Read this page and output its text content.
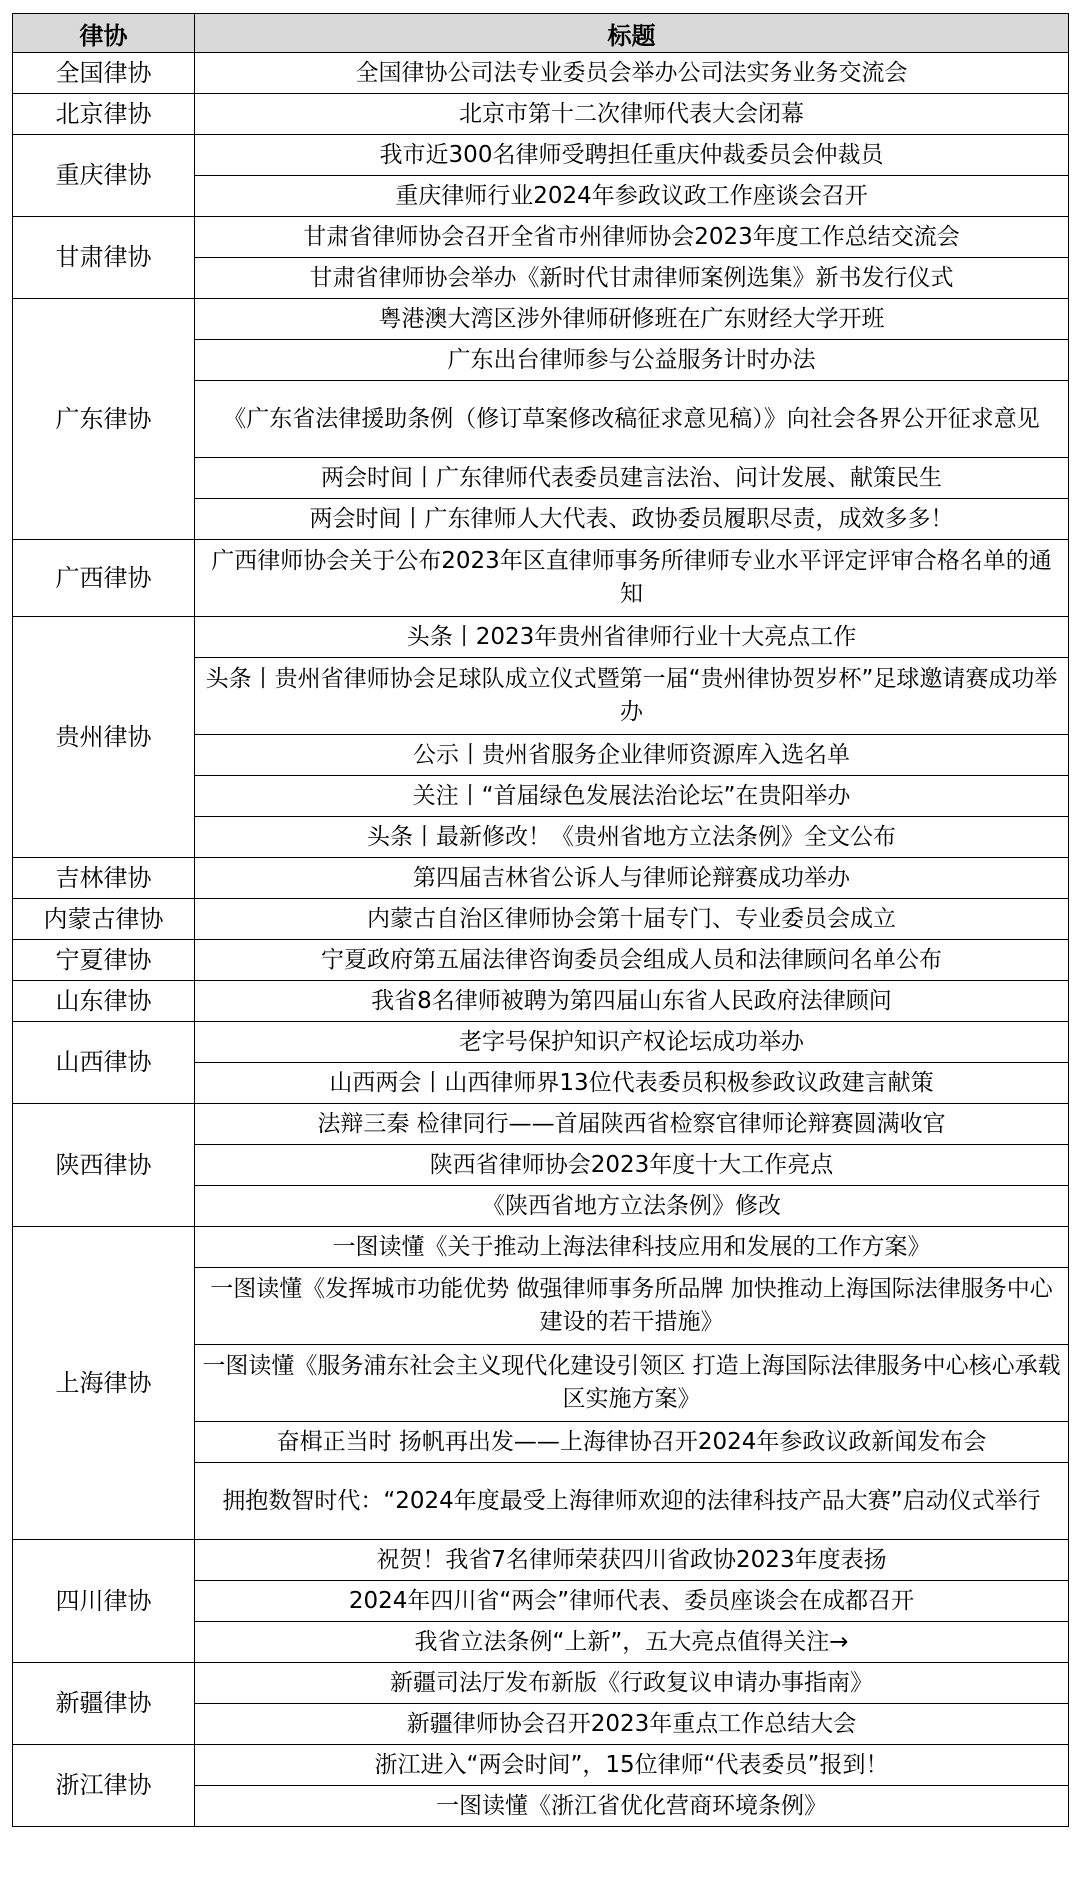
律协	标题
全国律协	全国律协公司法专业委员会举办公司法实务业务交流会
北京律协	北京市第十二次律师代表大会闭幕
重庆律协	我市近300名律师受聘担任重庆仲裁委员会仲裁员
	重庆律师行业2024年参政议政工作座谈会召开
甘肃律协	甘肃省律师协会召开全省市州律师协会2023年度工作总结交流会
	甘肃省律师协会举办《新时代甘肃律师案例选集》新书发行仪式
广东律协	粤港澳大湾区涉外律师研修班在广东财经大学开班
	广东出台律师参与公益服务计时办法
	《广东省法律援助条例（修订草案修改稿征求意见稿）》向社会各界公开征求意见
	两会时间丨广东律师代表委员建言法治、问计发展、献策民生
	两会时间丨广东律师人大代表、政协委员履职尽责，成效多多！
广西律协	广西律师协会关于公布2023年区直律师事务所律师专业水平评定评审合格名单的通知
贵州律协	头条丨2023年贵州省律师行业十大亮点工作
	头条丨贵州省律师协会足球队成立仪式暨第一届“贵州律协贺岁杯”足球邀请赛成功举办
	公示丨贵州省服务企业律师资源库入选名单
	关注丨“首届绿色发展法治论坛”在贵阳举办
	头条丨最新修改！《贵州省地方立法条例》全文公布
吉林律协	第四届吉林省公诉人与律师论辩赛成功举办
内蒙古律协	内蒙古自治区律师协会第十届专门、专业委员会成立
宁夏律协	宁夏政府第五届法律咨询委员会组成人员和法律顾问名单公布
山东律协	我省8名律师被聘为第四届山东省人民政府法律顾问
山西律协	老字号保护知识产权论坛成功举办
	山西两会丨山西律师界13位代表委员积极参政议政建言献策
陕西律协	法辩三秦 检律同行——首届陕西省检察官律师论辩赛圆满收官
	陕西省律师协会2023年度十大工作亮点
	《陕西省地方立法条例》修改
上海律协	一图读懂《关于推动上海法律科技应用和发展的工作方案》
	一图读懂《发挥城市功能优势 做强律师事务所品牌 加快推动上海国际法律服务中心建设的若干措施》
	一图读懂《服务浦东社会主义现代化建设引领区 打造上海国际法律服务中心核心承载区实施方案》
	奋楫正当时 扬帆再出发——上海律协召开2024年参政议政新闻发布会
	拥抱数智时代：“2024年度最受上海律师欢迎的法律科技产品大赛”启动仪式举行
四川律协	祝贺！我省7名律师荣获四川省政协2023年度表扬
	2024年四川省“两会”律师代表、委员座谈会在成都召开
	我省立法条例“上新”，五大亮点值得关注→
新疆律协	新疆司法厅发布新版《行政复议申请办事指南》
	新疆律师协会召开2023年重点工作总结大会
浙江律协	浙江进入“两会时间”，15位律师“代表委员”报到！
	一图读懂《浙江省优化营商环境条例》
